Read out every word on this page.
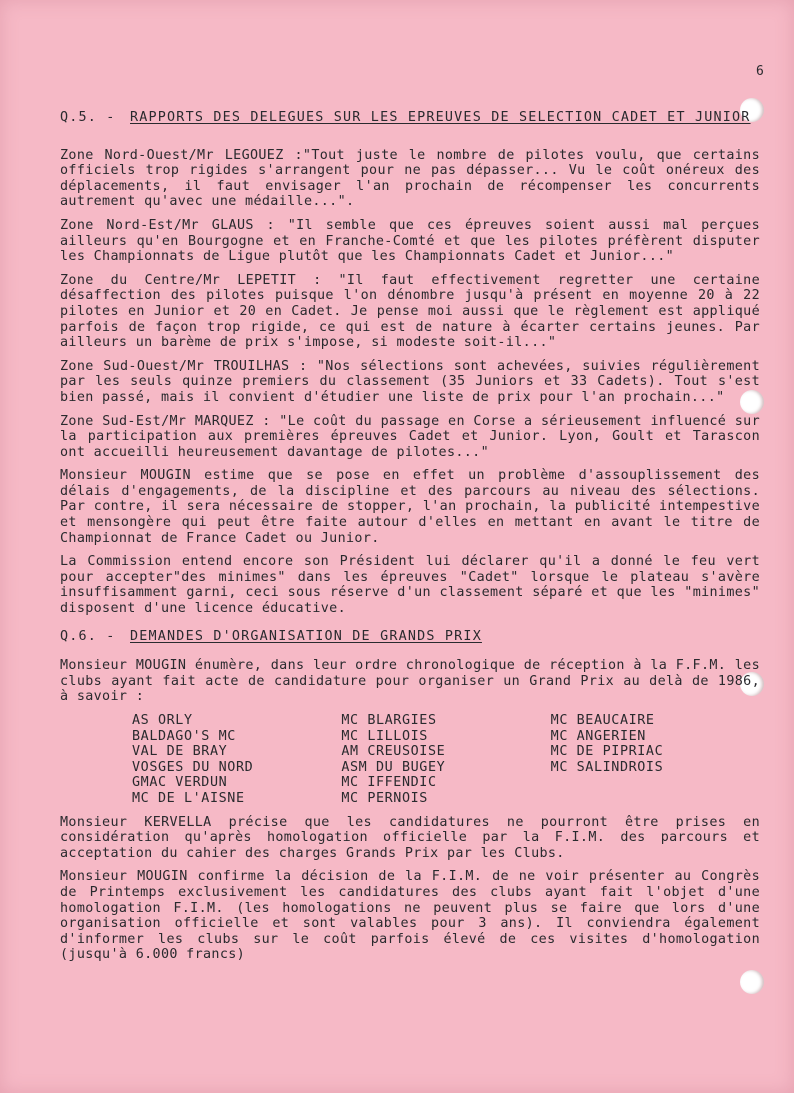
6
Q.5. -	RAPPORTS DES DELEGUES SUR LES EPREUVES DE SELECTION CADET ET JUNIOR

Zone Nord-Ouest/Mr LEGOUEZ :"Tout juste le nombre de pilotes voulu, que certains officiels trop rigides s'arrangent pour ne pas dépasser... Vu le coût onéreux des déplacements, il faut envisager l'an prochain de récompenser les concurrents autrement qu'avec une médaille...".

Zone Nord-Est/Mr GLAUS : "Il semble que ces épreuves soient aussi mal perçues ailleurs qu'en Bourgogne et en Franche-Comté et que les pilotes préfèrent disputer les Championnats de Ligue plutôt que les Championnats Cadet et Junior..."

Zone du Centre/Mr LEPETIT : "Il faut effectivement regretter une certaine désaffection des pilotes puisque l'on dénombre jusqu'à présent en moyenne 20 à 22 pilotes en Junior et 20 en Cadet. Je pense moi aussi que le règlement est appliqué parfois de façon trop rigide, ce qui est de nature à écarter certains jeunes. Par ailleurs un barème de prix s'impose, si modeste soit-il..."

Zone Sud-Ouest/Mr TROUILHAS : "Nos sélections sont achevées, suivies régulièrement par les seuls quinze premiers du classement (35 Juniors et 33 Cadets). Tout s'est bien passé, mais il convient d'étudier une liste de prix pour l'an prochain..."

Zone Sud-Est/Mr MARQUEZ : "Le coût du passage en Corse a sérieusement influencé sur la participation aux premières épreuves Cadet et Junior. Lyon, Goult et Tarascon ont accueilli heureusement davantage de pilotes..."

Monsieur MOUGIN estime que se pose en effet un problème d'assouplissement des délais d'engagements, de la discipline et des parcours au niveau des sélections. Par contre, il sera nécessaire de stopper, l'an prochain, la publicité intempestive et mensongère qui peut être faite autour d'elles en mettant en avant le titre de Championnat de France Cadet ou Junior.

La Commission entend encore son Président lui déclarer qu'il a donné le feu vert pour accepter"des minimes" dans les épreuves "Cadet" lorsque le plateau s'avère insuffisamment garni, ceci sous réserve d'un classement séparé et que les "minimes" disposent d'une licence éducative.

Q.6. -	DEMANDES D'ORGANISATION DE GRANDS PRIX

Monsieur MOUGIN énumère, dans leur ordre chronologique de réception à la F.F.M. les clubs ayant fait acte de candidature pour organiser un Grand Prix au delà de 1986, à savoir :

AS ORLY
BALDAGO'S MC
VAL DE BRAY
VOSGES DU NORD
GMAC VERDUN
MC DE L'AISNE
MC BLARGIES
MC LILLOIS
AM CREUSOISE
ASM DU BUGEY
MC IFFENDIC
MC PERNOIS
MC BEAUCAIRE
MC ANGERIEN
MC DE PIPRIAC
MC SALINDROIS

Monsieur KERVELLA précise que les candidatures ne pourront être prises en considération qu'après homologation officielle par la F.I.M. des parcours et acceptation du cahier des charges Grands Prix par les Clubs.

Monsieur MOUGIN confirme la décision de la F.I.M. de ne voir présenter au Congrès de Printemps exclusivement les candidatures des clubs ayant fait l'objet d'une homologation F.I.M. (les homologations ne peuvent plus se faire que lors d'une organisation officielle et sont valables pour 3 ans). Il conviendra également d'informer les clubs sur le coût parfois élevé de ces visites d'homologation (jusqu'à 6.000 francs)
